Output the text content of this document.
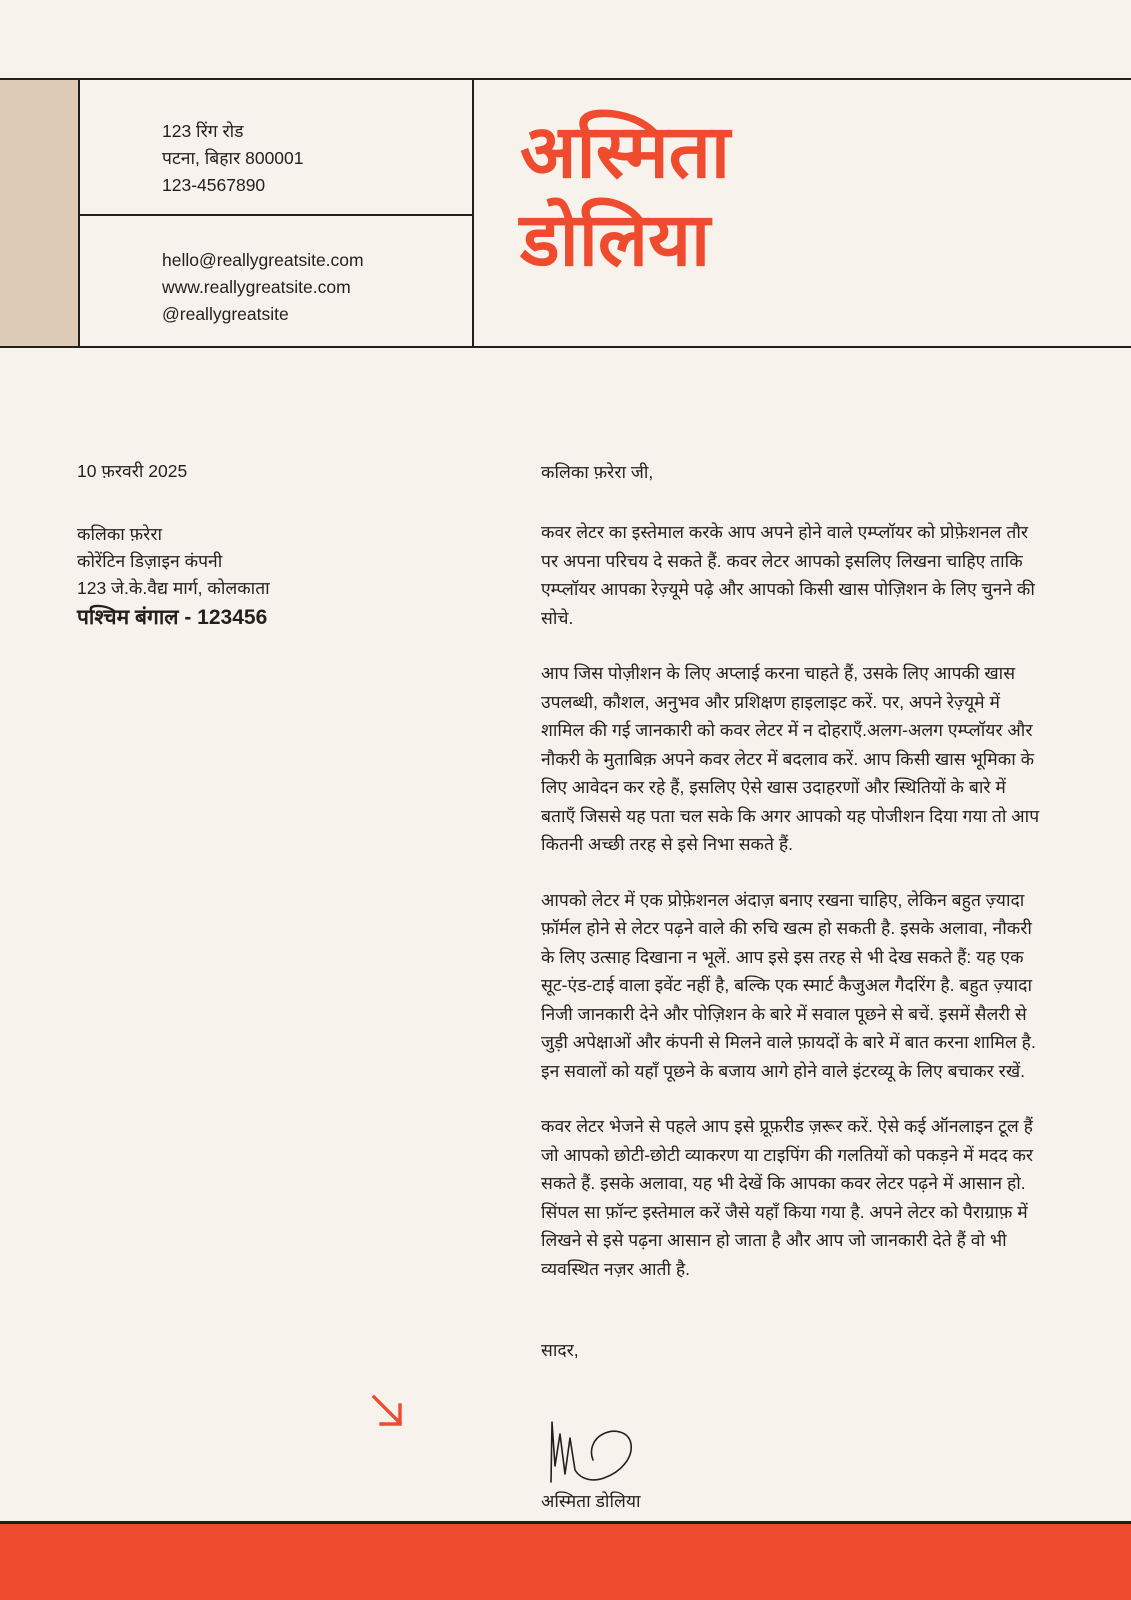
123 रिंग रोड
पटना, बिहार 800001
123-4567890
hello@reallygreatsite.com
www.reallygreatsite.com
@reallygreatsite
अस्मिता
डोलिया
10 फ़रवरी 2025
कलिका फ़रेरा
कोरेंटिन डिज़ाइन कंपनी
123 जे.के.वैद्य मार्ग, कोलकाता
पश्चिम बंगाल - 123456
कलिका फ़रेरा जी,

कवर लेटर का इस्तेमाल करके आप अपने होने वाले एम्प्लॉयर को प्रोफ़ेशनल तौर पर अपना परिचय दे सकते हैं. कवर लेटर आपको इसलिए लिखना चाहिए ताकि एम्प्लॉयर आपका रेज़्यूमे पढ़े और आपको किसी खास पोज़िशन के लिए चुनने की सोचे.

आप जिस पोज़ीशन के लिए अप्लाई करना चाहते हैं, उसके लिए आपकी खास उपलब्धी, कौशल, अनुभव और प्रशिक्षण हाइलाइट करें. पर, अपने रेज़्यूमे में शामिल की गई जानकारी को कवर लेटर में न दोहराएँ.अलग-अलग एम्प्लॉयर और नौकरी के मुताबिक़ अपने कवर लेटर में बदलाव करें. आप किसी खास भूमिका के लिए आवेदन कर रहे हैं, इसलिए ऐसे खास उदाहरणों और स्थितियों के बारे में बताएँ जिससे यह पता चल सके कि अगर आपको यह पोजीशन दिया गया तो आप कितनी अच्छी तरह से इसे निभा सकते हैं.

आपको लेटर में एक प्रोफ़ेशनल अंदाज़ बनाए रखना चाहिए, लेकिन बहुत ज़्यादा फ़ॉर्मल होने से लेटर पढ़ने वाले की रुचि खत्म हो सकती है. इसके अलावा, नौकरी के लिए उत्साह दिखाना न भूलें. आप इसे इस तरह से भी देख सकते हैं: यह एक सूट-एंड-टाई वाला इवेंट नहीं है, बल्कि एक स्मार्ट कैजुअल गैदरिंग है. बहुत ज़्यादा निजी जानकारी देने और पोज़िशन के बारे में सवाल पूछने से बचें. इसमें सैलरी से जुड़ी अपेक्षाओं और कंपनी से मिलने वाले फ़ायदों के बारे में बात करना शामिल है. इन सवालों को यहाँ पूछने के बजाय आगे होने वाले इंटरव्यू के लिए बचाकर रखें.

कवर लेटर भेजने से पहले आप इसे प्रूफ़रीड ज़रूर करें. ऐसे कई ऑनलाइन टूल हैं जो आपको छोटी-छोटी व्याकरण या टाइपिंग की गलतियों को पकड़ने में मदद कर सकते हैं. इसके अलावा, यह भी देखें कि आपका कवर लेटर पढ़ने में आसान हो. सिंपल सा फ़ॉन्ट इस्तेमाल करें जैसे यहाँ किया गया है. अपने लेटर को पैराग्राफ़ में लिखने से इसे पढ़ना आसान हो जाता है और आप जो जानकारी देते हैं वो भी व्यवस्थित नज़र आती है.

सादर,
अस्मिता डोलिया
